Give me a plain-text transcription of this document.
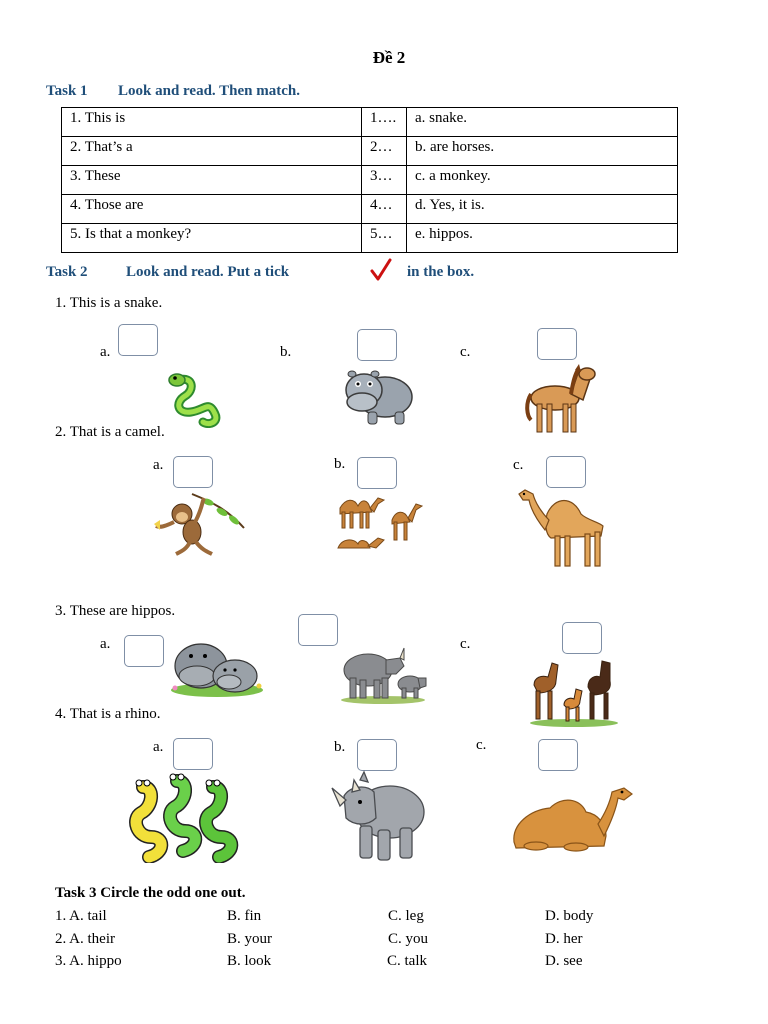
Đề 2
Task 1 Look and read. Then match.
1. This is	1….	a. snake.
2. That’s a	2…	b. are horses.
3. These	3…	c. a monkey.
4. Those are	4…	d. Yes, it is.
5. Is that a monkey?	5…	e. hippos.
Task 2	Look and read. Put a tick	in the box.
1. This is a snake.
a.	b.	c.
2. That is a camel.
a.	b.	c.
3. These are hippos.
a.	c.
4. That is a rhino.
a.	b.	c.
Task 3 Circle the odd one out.
1. A. tail	B. fin	C. leg	D. body
2. A. their	B. your	C. you	D. her
3. A. hippo	B. look	C. talk	D. see
